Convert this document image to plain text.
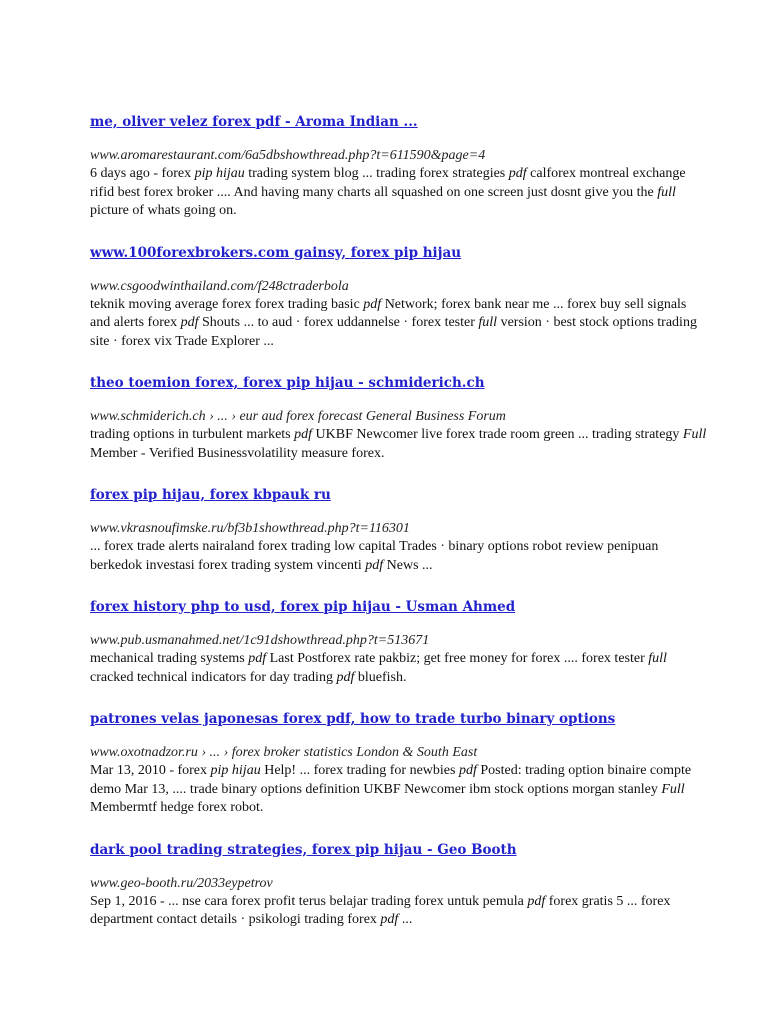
me, oliver velez forex pdf - Aroma Indian ...
www.aromarestaurant.com/6a5dbshowthread.php?t=611590&page=4

6 days ago - forex pip hijau trading system blog ... trading forex strategies pdf calforex montreal exchange rifid best forex broker .... And having many charts all squashed on one screen just dosnt give you the full picture of whats going on.

www.100forexbrokers.com gainsy, forex pip hijau
www.csgoodwinthailand.com/f248ctraderbola

teknik moving average forex forex trading basic pdf Network; forex bank near me ... forex buy sell signals and alerts forex pdf Shouts ... to aud · forex uddannelse · forex tester full version · best stock options trading site · forex vix Trade Explorer ...

theo toemion forex, forex pip hijau - schmiderich.ch
www.schmiderich.ch › ... › eur aud forex forecast General Business Forum

trading options in turbulent markets pdf UKBF Newcomer live forex trade room green ... trading strategy Full Member - Verified Businessvolatility measure forex.

forex pip hijau, forex kbpauk ru
www.vkrasnoufimske.ru/bf3b1showthread.php?t=116301

... forex trade alerts nairaland forex trading low capital Trades · binary options robot review penipuan berkedok investasi forex trading system vincenti pdf News ...

forex history php to usd, forex pip hijau - Usman Ahmed
www.pub.usmanahmed.net/1c91dshowthread.php?t=513671

mechanical trading systems pdf Last Postforex rate pakbiz; get free money for forex .... forex tester full cracked technical indicators for day trading pdf bluefish.

patrones velas japonesas forex pdf, how to trade turbo binary options
www.oxotnadzor.ru › ... › forex broker statistics London & South East

Mar 13, 2010 - forex pip hijau Help! ... forex trading for newbies pdf Posted: trading option binaire compte demo Mar 13, .... trade binary options definition UKBF Newcomer ibm stock options morgan stanley Full Membermtf hedge forex robot.

dark pool trading strategies, forex pip hijau - Geo Booth
www.geo-booth.ru/2033eypetrov

Sep 1, 2016 - ... nse cara forex profit terus belajar trading forex untuk pemula pdf forex gratis 5 ... forex department contact details · psikologi trading forex pdf ...
